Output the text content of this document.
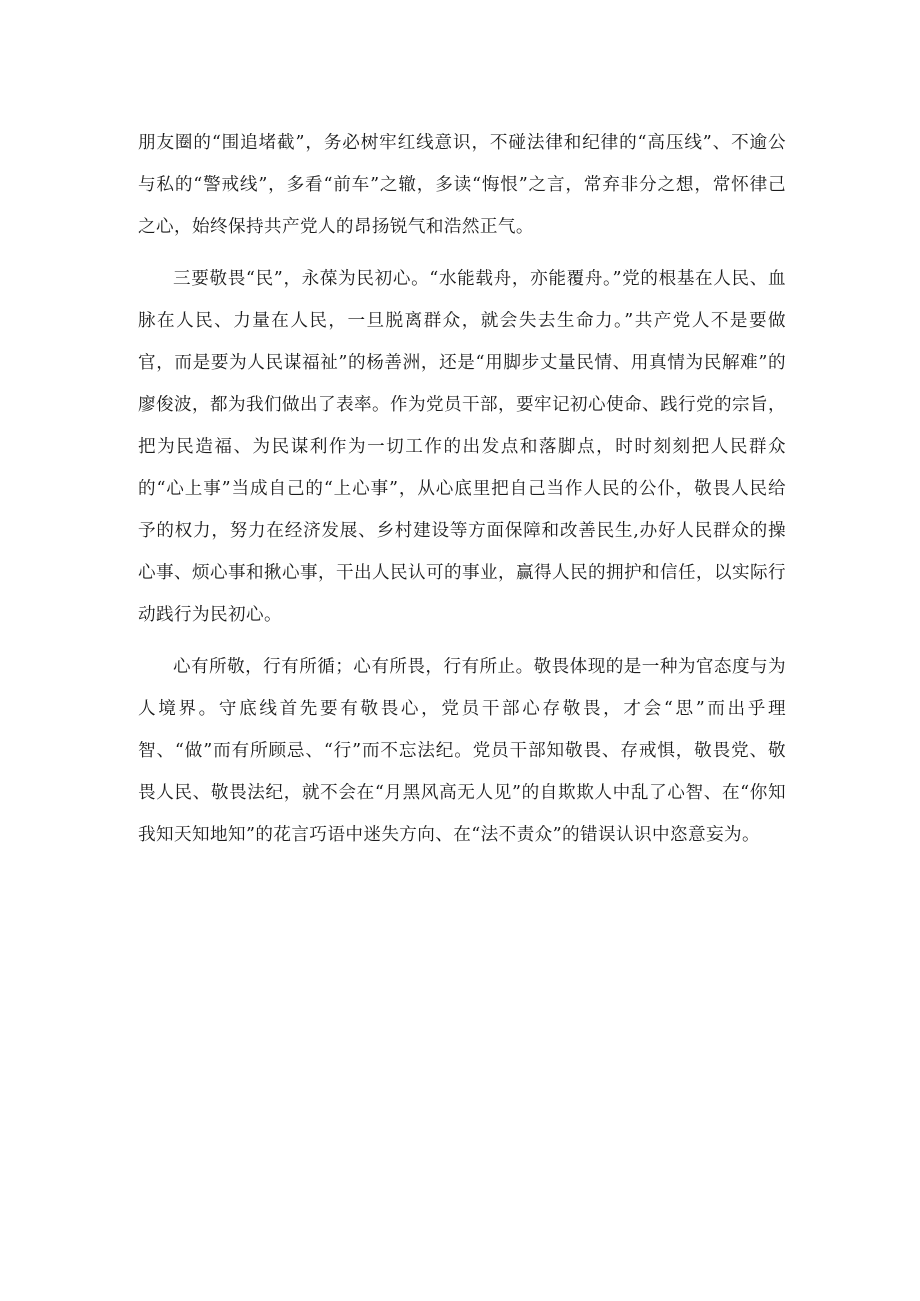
朋友圈的“围追堵截”，务必树牢红线意识，不碰法律和纪律的“高压线”、不逾公与私的“警戒线”，多看“前车”之辙，多读“悔恨”之言，常弃非分之想，常怀律己之心，始终保持共产党人的昂扬锐气和浩然正气。

三要敬畏“民”，永葆为民初心。“水能载舟，亦能覆舟。”党的根基在人民、血脉在人民、力量在人民，一旦脱离群众，就会失去生命力。”共产党人不是要做官，而是要为人民谋福祉”的杨善洲，还是“用脚步丈量民情、用真情为民解难”的廖俊波，都为我们做出了表率。作为党员干部，要牢记初心使命、践行党的宗旨，把为民造福、为民谋利作为一切工作的出发点和落脚点，时时刻刻把人民群众的“心上事”当成自己的“上心事”，从心底里把自己当作人民的公仆，敬畏人民给予的权力，努力在经济发展、乡村建设等方面保障和改善民生,办好人民群众的操心事、烦心事和揪心事，干出人民认可的事业，赢得人民的拥护和信任，以实际行动践行为民初心。

心有所敬，行有所循；心有所畏，行有所止。敬畏体现的是一种为官态度与为人境界。守底线首先要有敬畏心，党员干部心存敬畏，才会“思”而出乎理智、“做”而有所顾忌、“行”而不忘法纪。党员干部知敬畏、存戒惧，敬畏党、敬畏人民、敬畏法纪，就不会在“月黑风高无人见”的自欺欺人中乱了心智、在“你知我知天知地知”的花言巧语中迷失方向、在“法不责众”的错误认识中恣意妄为。
